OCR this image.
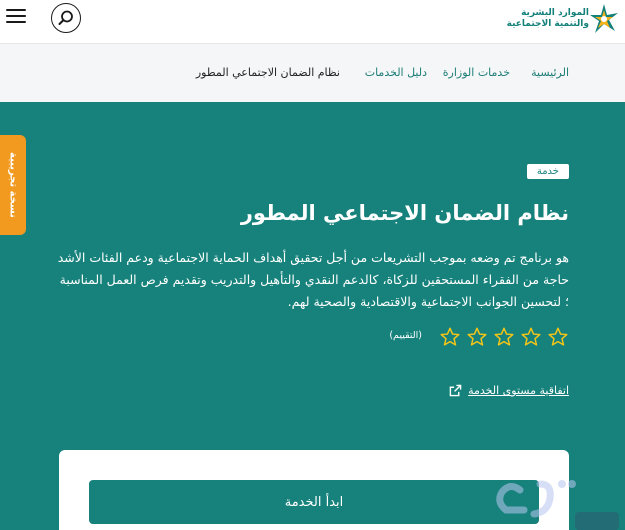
الموارد البشرية
والتنمية الاجتماعية
الرئيسية
خدمات الوزارة
دليل الخدمات
نظام الضمان الاجتماعي المطور
خدمة
نظام الضمان الاجتماعي المطور

هو برنامج تم وضعه بموجب التشريعات من أجل تحقيق أهداف الحماية الاجتماعية ودعم الفئات الأشد حاجة من الفقراء المستحقين للزكاة، كالدعم النقدي والتأهيل والتدريب وتقديم فرص العمل المناسبة ؛ لتحسين الجوانب الاجتماعية والاقتصادية والصحية لهم.

(التقييم)
اتفاقية مستوى الخدمة
ابدأ الخدمة
نسخة تجريبية
